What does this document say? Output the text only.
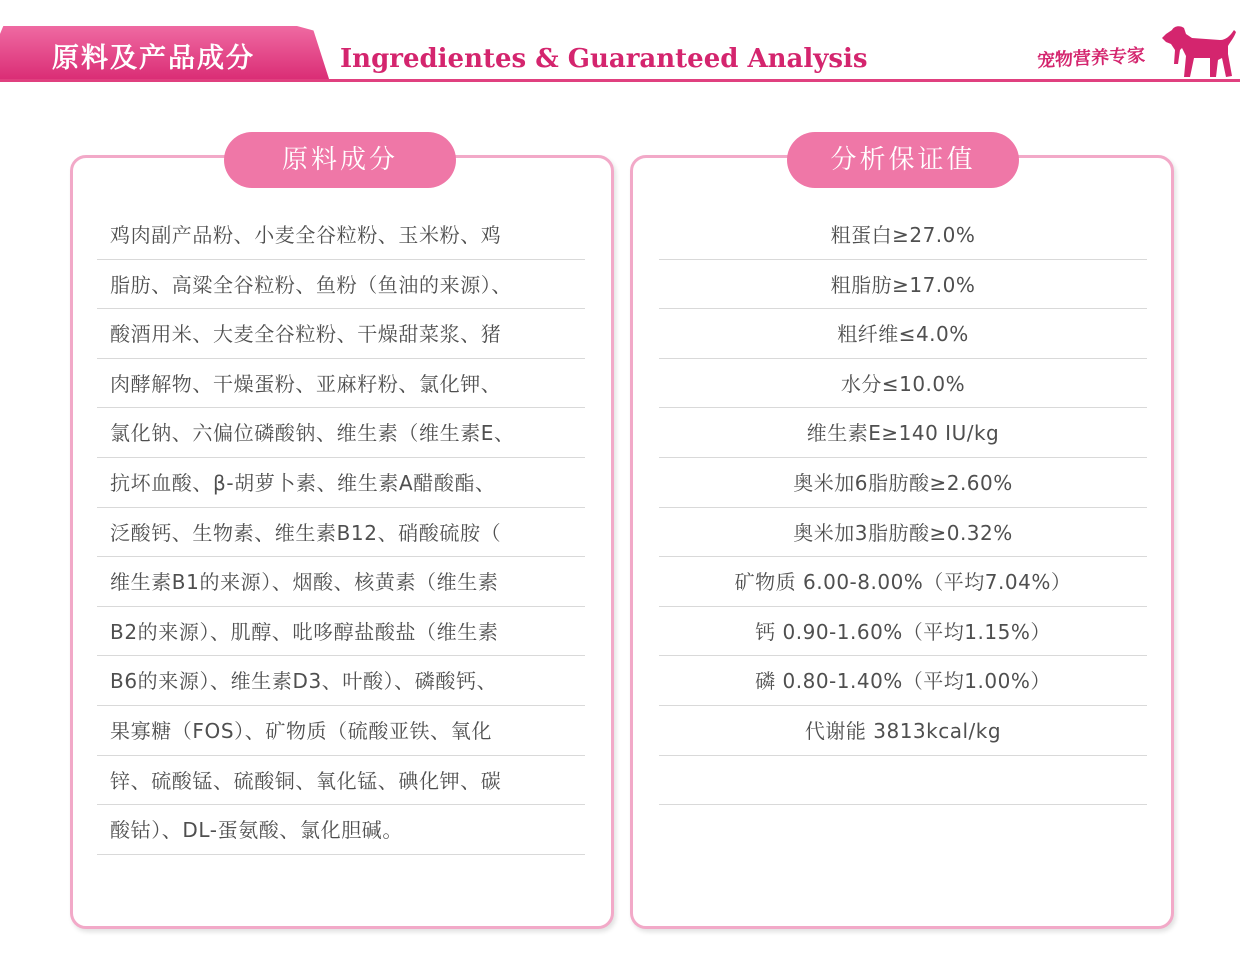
原料及产品成分	Ingredientes & Guaranteed Analysis	宠物营养专家
原料成分
鸡肉副产品粉、小麦全谷粒粉、玉米粉、鸡
脂肪、高粱全谷粒粉、鱼粉（鱼油的来源）、
酸酒用米、大麦全谷粒粉、干燥甜菜浆、猪
肉酵解物、干燥蛋粉、亚麻籽粉、氯化钾、
氯化钠、六偏位磷酸钠、维生素（维生素E、
抗坏血酸、β-胡萝卜素、维生素A醋酸酯、
泛酸钙、生物素、维生素B12、硝酸硫胺（
维生素B1的来源）、烟酸、核黄素（维生素
B2的来源）、肌醇、吡哆醇盐酸盐（维生素
B6的来源）、维生素D3、叶酸）、磷酸钙、
果寡糖（FOS）、矿物质（硫酸亚铁、氧化
锌、硫酸锰、硫酸铜、氧化锰、碘化钾、碳
酸钴）、DL-蛋氨酸、氯化胆碱。
分析保证值
粗蛋白≥27.0%
粗脂肪≥17.0%
粗纤维≤4.0%
水分≤10.0%
维生素E≥140 IU/kg
奥米加6脂肪酸≥2.60%
奥米加3脂肪酸≥0.32%
矿物质 6.00-8.00%（平均7.04%）
钙 0.90-1.60%（平均1.15%）
磷 0.80-1.40%（平均1.00%）
代谢能 3813kcal/kg
